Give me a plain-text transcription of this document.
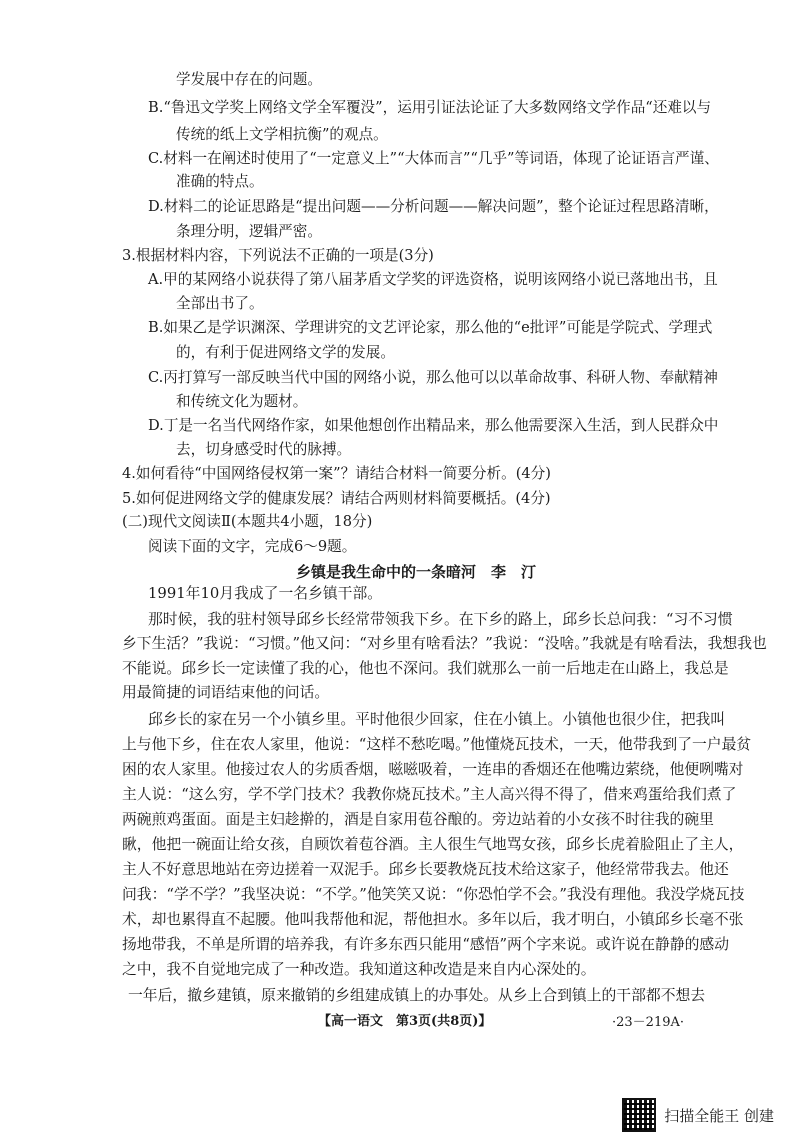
学发展中存在的问题。
B.“鲁迅文学奖上网络文学全军覆没”，运用引证法论证了大多数网络文学作品“还难以与
传统的纸上文学相抗衡”的观点。
C.材料一在阐述时使用了“一定意义上”“大体而言”“几乎”等词语，体现了论证语言严谨、
准确的特点。
D.材料二的论证思路是“提出问题——分析问题——解决问题”，整个论证过程思路清晰，
条理分明，逻辑严密。
3.根据材料内容，下列说法不正确的一项是(3分)
A.甲的某网络小说获得了第八届茅盾文学奖的评选资格，说明该网络小说已落地出书，且
全部出书了。
B.如果乙是学识渊深、学理讲究的文艺评论家，那么他的“e批评”可能是学院式、学理式
的，有利于促进网络文学的发展。
C.丙打算写一部反映当代中国的网络小说，那么他可以以革命故事、科研人物、奉献精神
和传统文化为题材。
D.丁是一名当代网络作家，如果他想创作出精品来，那么他需要深入生活，到人民群众中
去，切身感受时代的脉搏。
4.如何看待“中国网络侵权第一案”？请结合材料一简要分析。(4分)
5.如何促进网络文学的健康发展？请结合两则材料简要概括。(4分)
(二)现代文阅读Ⅱ(本题共4小题，18分)
阅读下面的文字，完成6～9题。
乡镇是我生命中的一条暗河　李　汀
1991年10月我成了一名乡镇干部。
那时候，我的驻村领导邱乡长经常带领我下乡。在下乡的路上，邱乡长总问我：“习不习惯
乡下生活？”我说：“习惯。”他又问：“对乡里有啥看法？”我说：“没啥。”我就是有啥看法，我想我也
不能说。邱乡长一定读懂了我的心，他也不深问。我们就那么一前一后地走在山路上，我总是
用最简捷的词语结束他的问话。
邱乡长的家在另一个小镇乡里。平时他很少回家，住在小镇上。小镇他也很少住，把我叫
上与他下乡，住在农人家里，他说：“这样不愁吃喝。”他懂烧瓦技术，一天，他带我到了一户最贫
困的农人家里。他接过农人的劣质香烟，嗞嗞吸着，一连串的香烟还在他嘴边萦绕，他便咧嘴对
主人说：“这么穷，学不学门技术？我教你烧瓦技术。”主人高兴得不得了，借来鸡蛋给我们煮了
两碗煎鸡蛋面。面是主妇趁擀的，酒是自家用苞谷酿的。旁边站着的小女孩不时往我的碗里
瞅，他把一碗面让给女孩，自顾饮着苞谷酒。主人很生气地骂女孩，邱乡长虎着脸阻止了主人，
主人不好意思地站在旁边搓着一双泥手。邱乡长要教烧瓦技术给这家子，他经常带我去。他还
问我：“学不学？”我坚决说：“不学。”他笑笑又说：“你恐怕学不会。”我没有理他。我没学烧瓦技
术，却也累得直不起腰。他叫我帮他和泥，帮他担水。多年以后，我才明白，小镇邱乡长毫不张
扬地带我，不单是所谓的培养我，有许多东西只能用“感悟”两个字来说。或许说在静静的感动
之中，我不自觉地完成了一种改造。我知道这种改造是来自内心深处的。
一年后，撤乡建镇，原来撤销的乡组建成镇上的办事处。从乡上合到镇上的干部都不想去
【高一语文　第3页(共8页)】	·23－219A·
扫描全能王 创建
